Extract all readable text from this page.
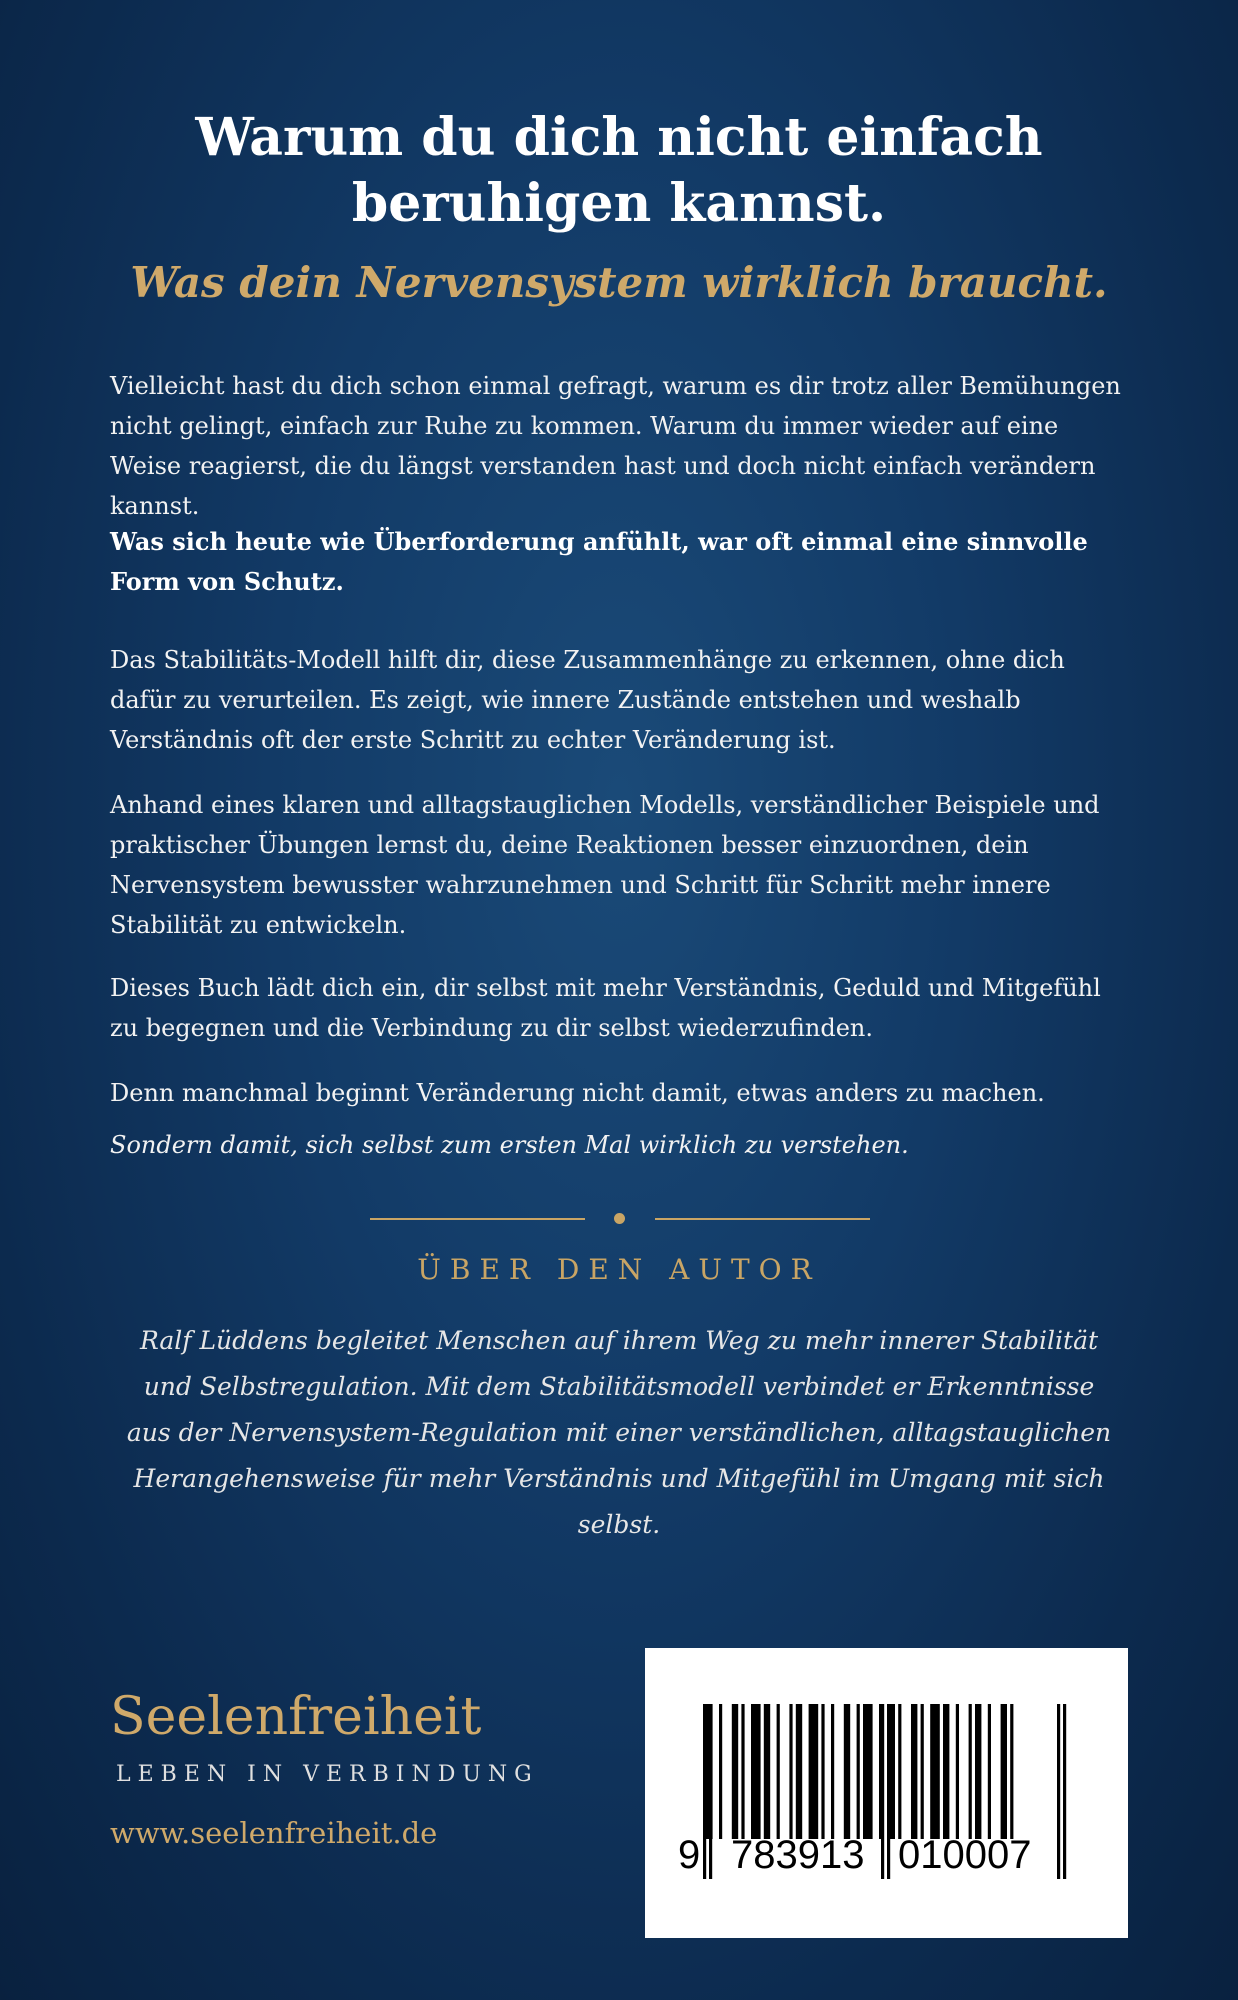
Warum du dich nicht einfach
beruhigen kannst.
Was dein Nervensystem wirklich braucht.

Vielleicht hast du dich schon einmal gefragt, warum es dir trotz aller Bemühungen nicht gelingt, einfach zur Ruhe zu kommen. Warum du immer wieder auf eine Weise reagierst, die du längst verstanden hast und doch nicht einfach verändern kannst.

Was sich heute wie Überforderung anfühlt, war oft einmal eine sinnvolle Form von Schutz.

Das Stabilitäts-Modell hilft dir, diese Zusammenhänge zu erkennen, ohne dich dafür zu verurteilen. Es zeigt, wie innere Zustände entstehen und weshalb Verständnis oft der erste Schritt zu echter Veränderung ist.

Anhand eines klaren und alltagstauglichen Modells, verständlicher Beispiele und praktischer Übungen lernst du, deine Reaktionen besser einzuordnen, dein Nervensystem bewusster wahrzunehmen und Schritt für Schritt mehr innere Stabilität zu entwickeln.

Dieses Buch lädt dich ein, dir selbst mit mehr Verständnis, Geduld und Mitgefühl zu begegnen und die Verbindung zu dir selbst wiederzufinden.

Denn manchmal beginnt Veränderung nicht damit, etwas anders zu machen.

Sondern damit, sich selbst zum ersten Mal wirklich zu verstehen.

ÜBER DEN AUTOR

Ralf Lüddens begleitet Menschen auf ihrem Weg zu mehr innerer Stabilität und Selbstregulation. Mit dem Stabilitätsmodell verbindet er Erkenntnisse aus der Nervensystem-Regulation mit einer verständlichen, alltagstauglichen Herangehensweise für mehr Verständnis und Mitgefühl im Umgang mit sich selbst.

Seelenfreiheit
LEBEN IN VERBINDUNG
www.seelenfreiheit.de	9 783913 010007
